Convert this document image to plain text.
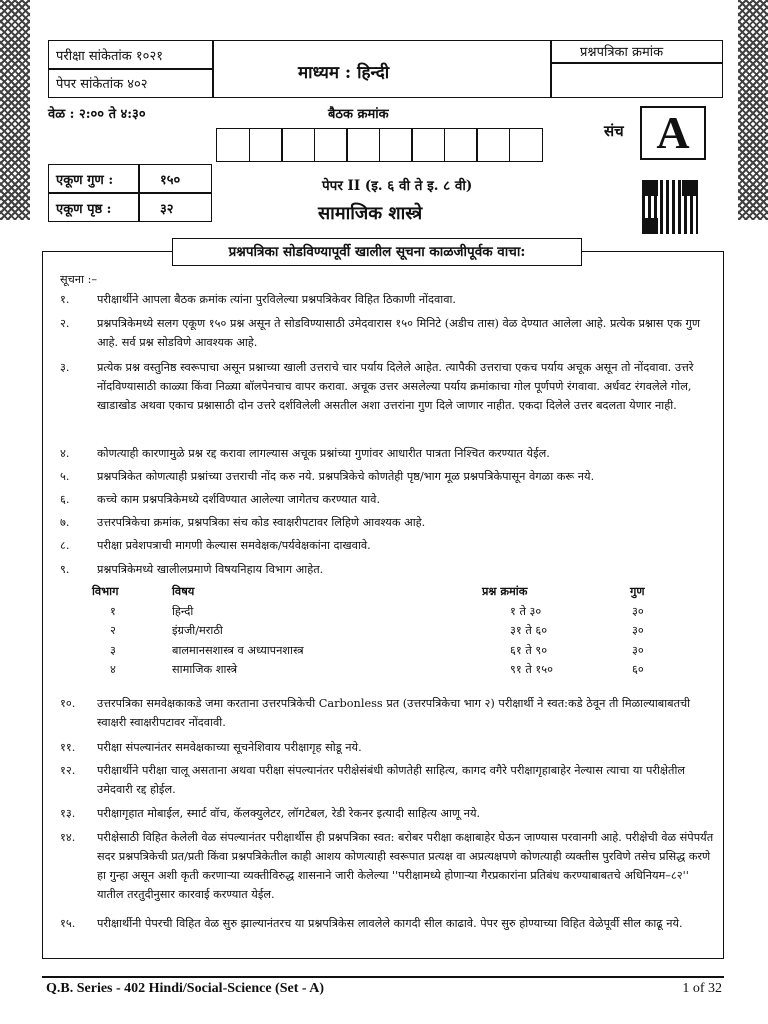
परीक्षा सांकेतांक १०२१
पेपर सांकेतांक ४०२
माध्यम : हिन्दी
प्रश्नपत्रिका क्रमांक
वेळ : २:०० ते ४:३०	बैठक क्रमांक
संच A
एकूण गुण :	१५०
एकूण पृष्ठ :	३२
पेपर II (इ. ६ वी ते इ. ८ वी)
सामाजिक शास्त्रे
प्रश्नपत्रिका सोडविण्यापूर्वी खालील सूचना काळजीपूर्वक वाचा:
सूचना :–
१.	परीक्षार्थीने आपला बैठक क्रमांक त्यांना पुरविलेल्या प्रश्नपत्रिकेवर विहित ठिकाणी नोंदवावा.
२.	प्रश्नपत्रिकेमध्ये सलग एकूण १५० प्रश्न असून ते सोडविण्यासाठी उमेदवारास १५० मिनिटे (अडीच तास) वेळ देण्यात आलेला आहे. प्रत्येक प्रश्नास एक गुण आहे. सर्व प्रश्न सोडविणे आवश्यक आहे.
३.	प्रत्येक प्रश्न वस्तुनिष्ठ स्वरूपाचा असून प्रश्नाच्या खाली उत्तराचे चार पर्याय दिलेले आहेत. त्यापैकी उत्तराचा एकच पर्याय अचूक असून तो नोंदवावा. उत्तरे नोंदविण्यासाठी काळ्या किंवा निळ्या बॉलपेनचाच वापर करावा. अचूक उत्तर असलेल्या पर्याय क्रमांकाचा गोल पूर्णपणे रंगवावा. अर्धवट रंगवलेले गोल, खाडाखोड अथवा एकाच प्रश्नासाठी दोन उत्तरे दर्शविलेली असतील अशा उत्तरांना गुण दिले जाणार नाहीत. एकदा दिलेले उत्तर बदलता येणार नाही.
४.	कोणत्याही कारणामुळे प्रश्न रद्द करावा लागल्यास अचूक प्रश्नांच्या गुणांवर आधारीत पात्रता निश्चित करण्यात येईल.
५.	प्रश्नपत्रिकेत कोणत्याही प्रश्नांच्या उत्तराची नोंद करु नये. प्रश्नपत्रिकेचे कोणतेही पृष्ठ/भाग मूळ प्रश्नपत्रिकेपासून वेगळा करू नये.
६.	कच्चे काम प्रश्नपत्रिकेमध्ये दर्शविण्यात आलेल्या जागेतच करण्यात यावे.
७.	उत्तरपत्रिकेचा क्रमांक, प्रश्नपत्रिका संच कोड स्वाक्षरीपटावर लिहिणे आवश्यक आहे.
८.	परीक्षा प्रवेशपत्राची मागणी केल्यास समवेक्षक/पर्यवेक्षकांना दाखवावे.
९.	प्रश्नपत्रिकेमध्ये खालीलप्रमाणे विषयनिहाय विभाग आहेत.
विभाग	विषय	प्रश्न क्रमांक	गुण
१	हिन्दी	१ ते ३०	३०
२	इंग्रजी/मराठी	३१ ते ६०	३०
३	बालमानसशास्त्र व अध्यापनशास्त्र	६१ ते ९०	३०
४	सामाजिक शास्त्रे	९१ ते १५०	६०
१०.	उत्तरपत्रिका समवेक्षकाकडे जमा करताना उत्तरपत्रिकेची Carbonless प्रत (उत्तरपत्रिकेचा भाग २) परीक्षार्थी ने स्वत:कडे ठेवून ती मिळाल्याबाबतची स्वाक्षरी स्वाक्षरीपटावर नोंदवावी.
११.	परीक्षा संपल्यानंतर समवेक्षकाच्या सूचनेशिवाय परीक्षागृह सोडू नये.
१२.	परीक्षार्थीने परीक्षा चालू असताना अथवा परीक्षा संपल्यानंतर परीक्षेसंबंधी कोणतेही साहित्य, कागद वगैरे परीक्षागृहाबाहेर नेल्यास त्याचा या परीक्षेतील उमेदवारी रद्द होईल.
१३.	परीक्षागृहात मोबाईल, स्मार्ट वॉच, कॅलक्युलेटर, लॉगटेबल, रेडी रेकनर इत्यादी साहित्य आणू नये.
१४.	परीक्षेसाठी विहित केलेली वेळ संपल्यानंतर परीक्षार्थीस ही प्रश्नपत्रिका स्वत: बरोबर परीक्षा कक्षाबाहेर घेऊन जाण्यास परवानगी आहे. परीक्षेची वेळ संपेपर्यंत सदर प्रश्नपत्रिकेची प्रत/प्रती किंवा प्रश्नपत्रिकेतील काही आशय कोणत्याही स्वरूपात प्रत्यक्ष वा अप्रत्यक्षपणे कोणत्याही व्यक्तीस पुरविणे तसेच प्रसिद्ध करणे हा गुन्हा असून अशी कृती करणाऱ्या व्यक्तीविरुद्ध शासनाने जारी केलेल्या ''परीक्षामध्ये होणाऱ्या गैरप्रकारांना प्रतिबंध करण्याबाबतचे अधिनियम–८२'' यातील तरतुदीनुसार कारवाई करण्यात येईल.
१५.	परीक्षार्थीनी पेपरची विहित वेळ सुरु झाल्यानंतरच या प्रश्नपत्रिकेस लावलेले कागदी सील काढावे. पेपर सुरु होण्याच्या विहित वेळेपूर्वी सील काढू नये.
Q.B. Series - 402 Hindi/Social-Science (Set - A)	1 of 32
